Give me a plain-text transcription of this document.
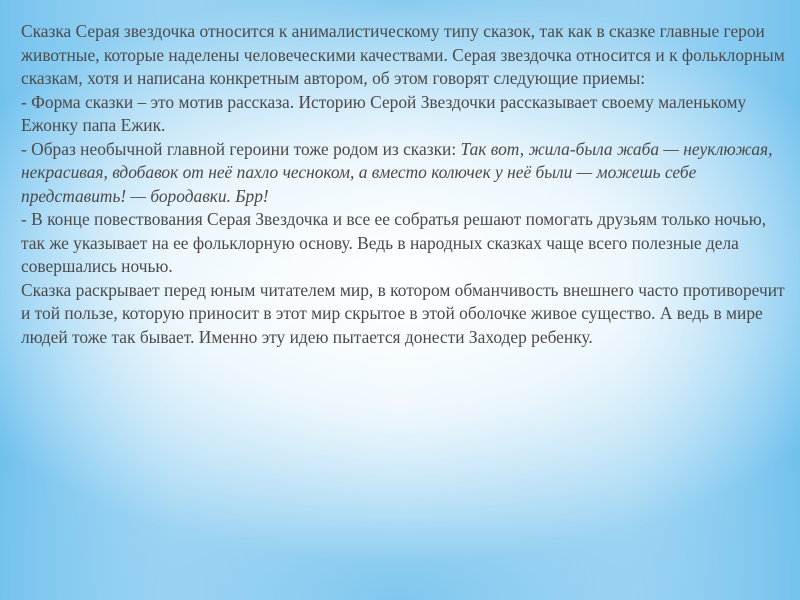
Сказка Серая звездочка относится к анималистическому типу сказок, так как в сказке главные герои животные, которые наделены человеческими качествами. Серая звездочка относится и к фольклорным сказкам, хотя и написана конкретным автором, об этом говорят следующие приемы:

- Форма сказки – это мотив рассказа. Историю Серой Звездочки рассказывает своему маленькому Ежонку папа Ежик.

- Образ необычной главной героини тоже родом из сказки: Так вот, жила-была жаба — неуклюжая, некрасивая, вдобавок от неё пахло чесноком, а вместо колючек у неё были — можешь себе представить! — бородавки. Брр!

- В конце повествования Серая Звездочка и все ее собратья решают помогать друзьям только ночью, так же указывает на ее фольклорную основу. Ведь в народных сказках чаще всего полезные дела совершались ночью.

Сказка раскрывает перед юным читателем мир, в котором обманчивость внешнего часто противоречит и той пользе, которую приносит в этот мир скрытое в этой оболочке живое существо. А ведь в мире людей тоже так бывает. Именно эту идею пытается донести Заходер ребенку.
